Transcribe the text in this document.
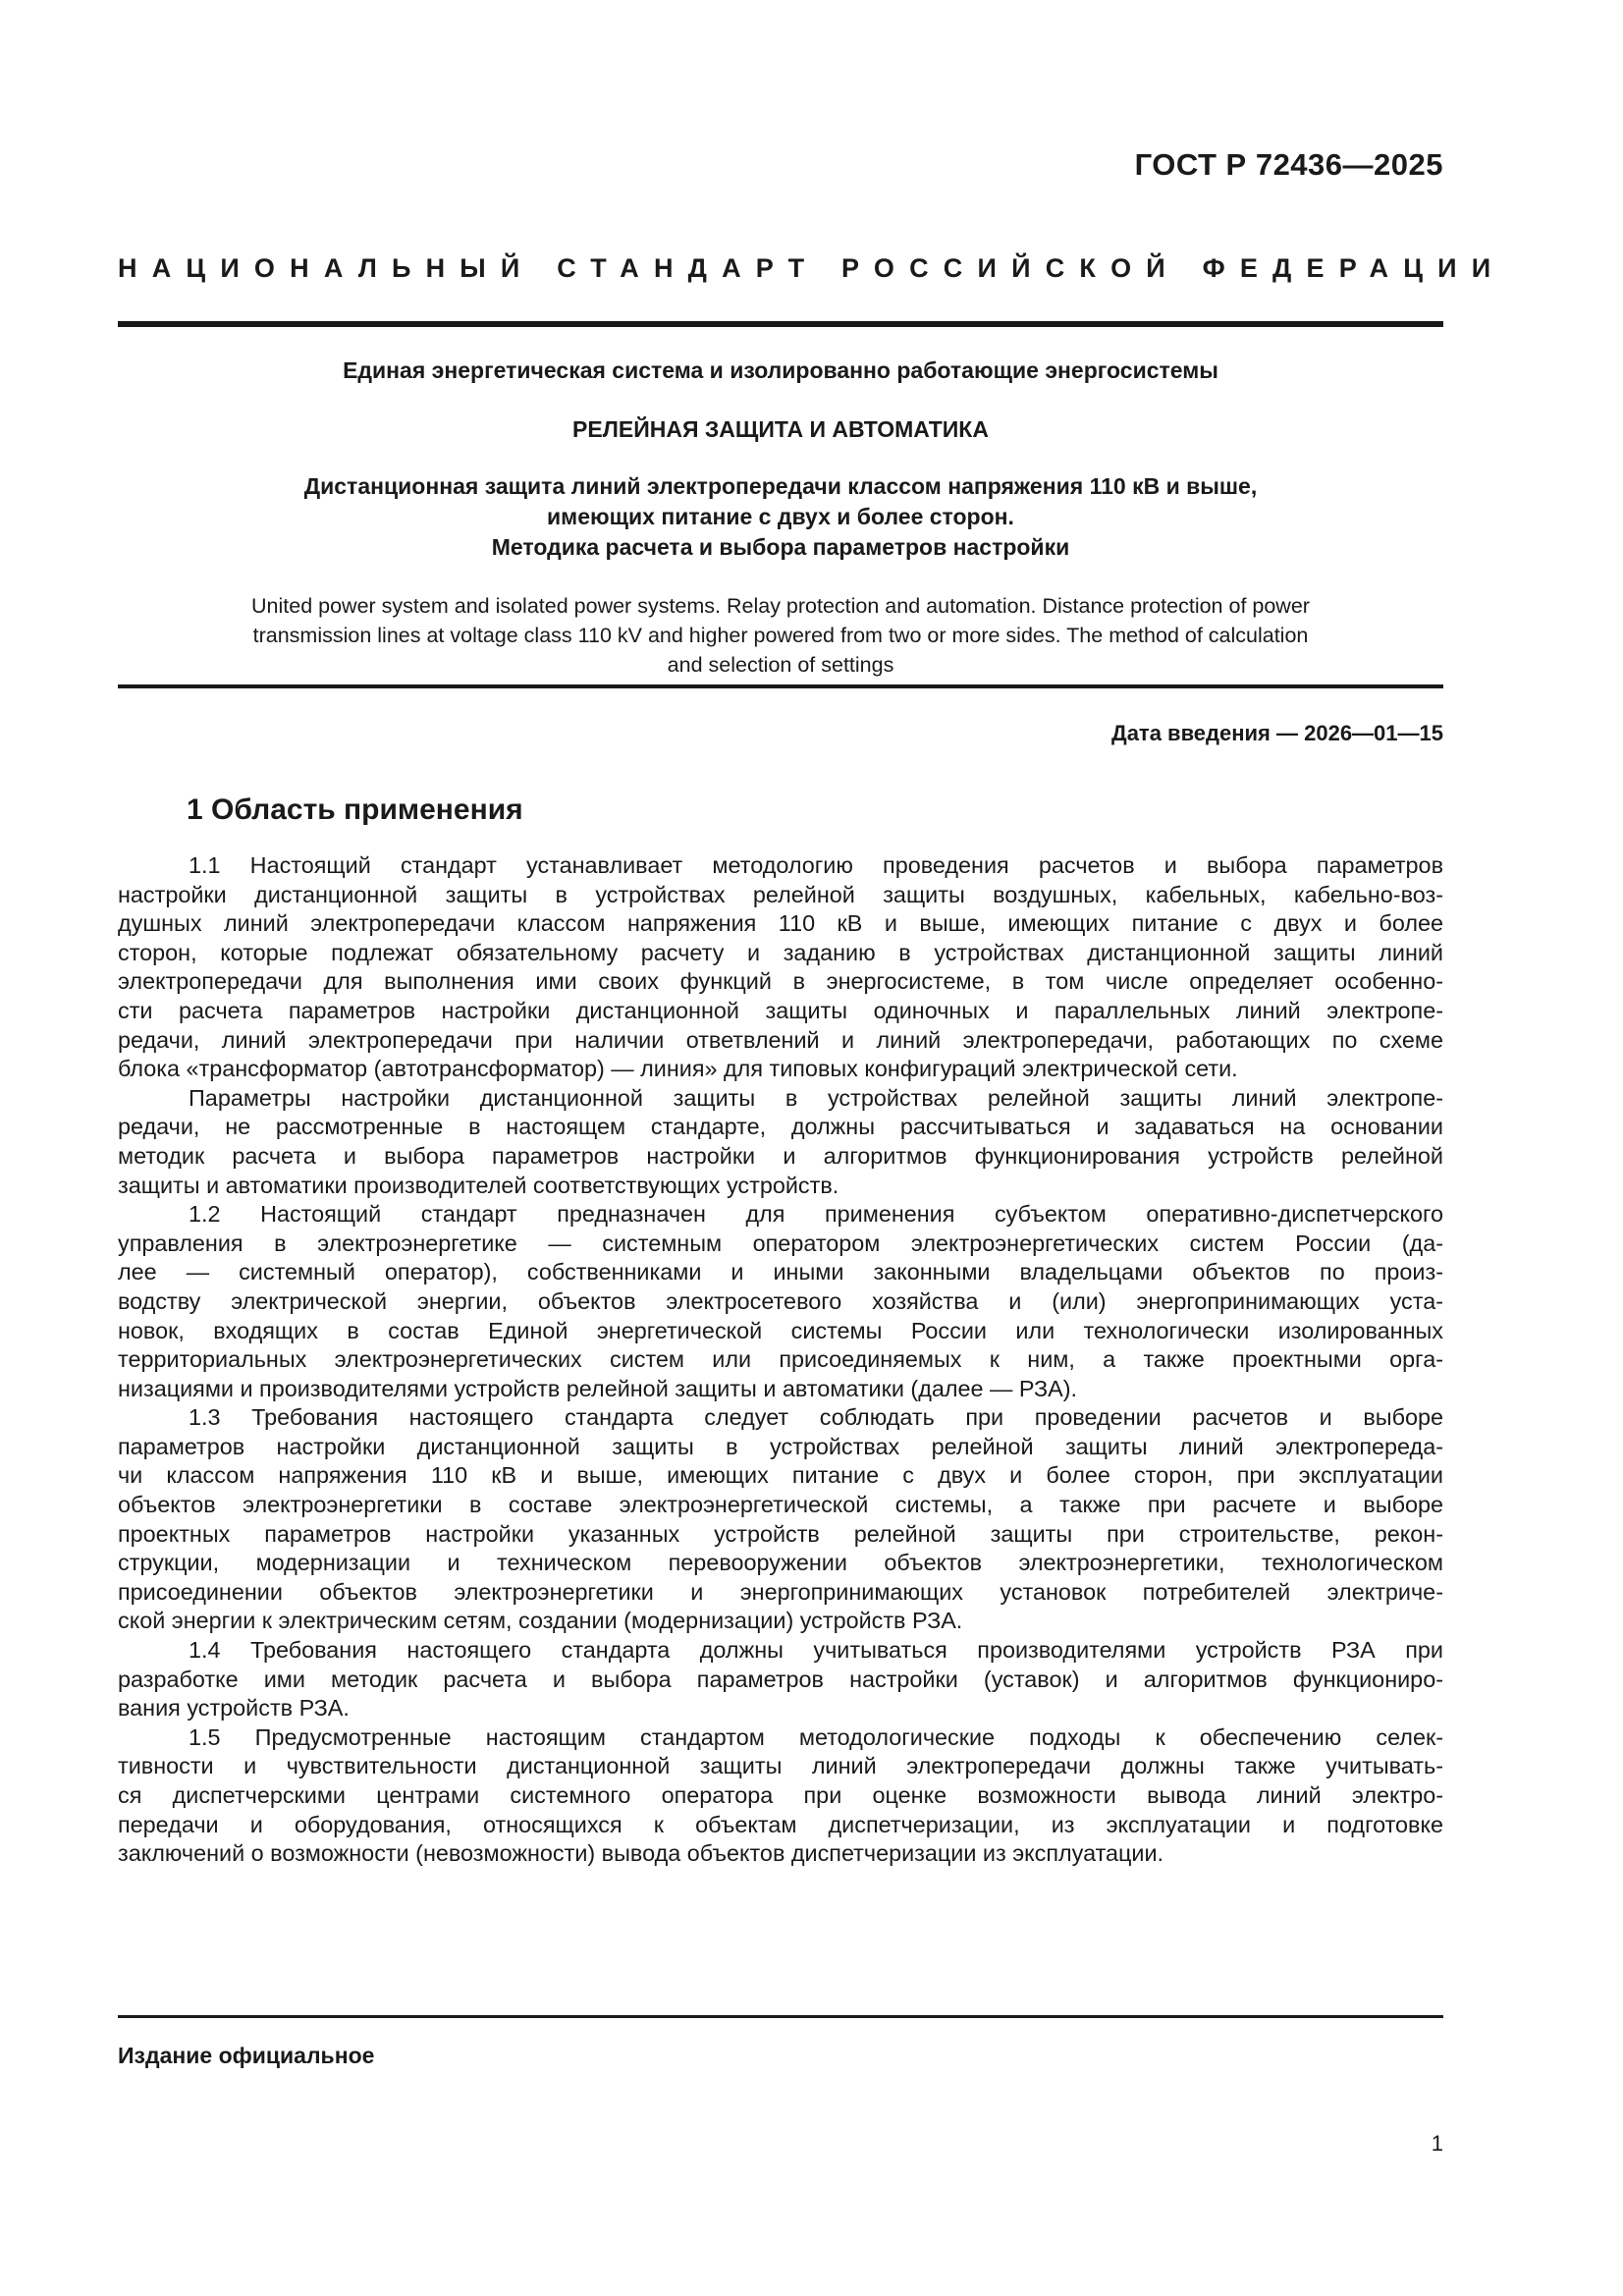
ГОСТ Р 72436—2025
НАЦИОНАЛЬНЫЙ СТАНДАРТ РОССИЙСКОЙ ФЕДЕРАЦИИ
Единая энергетическая система и изолированно работающие энергосистемы
РЕЛЕЙНАЯ ЗАЩИТА И АВТОМАТИКА
Дистанционная защита линий электропередачи классом напряжения 110 кВ и выше,
имеющих питание с двух и более сторон.
Методика расчета и выбора параметров настройки
United power system and isolated power systems. Relay protection and automation. Distance protection of power
transmission lines at voltage class 110 kV and higher powered from two or more sides. The method of calculation
and selection of settings
Дата введения — 2026—01—15
1 Область применения
1.1 Настоящий стандарт устанавливает методологию проведения расчетов и выбора параметров
настройки дистанционной защиты в устройствах релейной защиты воздушных, кабельных, кабельно-воз-
душных линий электропередачи классом напряжения 110 кВ и выше, имеющих питание с двух и более
сторон, которые подлежат обязательному расчету и заданию в устройствах дистанционной защиты линий
электропередачи для выполнения ими своих функций в энергосистеме, в том числе определяет особенно-
сти расчета параметров настройки дистанционной защиты одиночных и параллельных линий электропе-
редачи, линий электропередачи при наличии ответвлений и линий электропередачи, работающих по схеме
блока «трансформатор (автотрансформатор) — линия» для типовых конфигураций электрической сети.
Параметры настройки дистанционной защиты в устройствах релейной защиты линий электропе-
редачи, не рассмотренные в настоящем стандарте, должны рассчитываться и задаваться на основании
методик расчета и выбора параметров настройки и алгоритмов функционирования устройств релейной
защиты и автоматики производителей соответствующих устройств.
1.2 Настоящий стандарт предназначен для применения субъектом оперативно-диспетчерского
управления в электроэнергетике — системным оператором электроэнергетических систем России (да-
лее — системный оператор), собственниками и иными законными владельцами объектов по произ-
водству электрической энергии, объектов электросетевого хозяйства и (или) энергопринимающих уста-
новок, входящих в состав Единой энергетической системы России или технологически изолированных
территориальных электроэнергетических систем или присоединяемых к ним, а также проектными орга-
низациями и производителями устройств релейной защиты и автоматики (далее — РЗА).
1.3 Требования настоящего стандарта следует соблюдать при проведении расчетов и выборе
параметров настройки дистанционной защиты в устройствах релейной защиты линий электропереда-
чи классом напряжения 110 кВ и выше, имеющих питание с двух и более сторон, при эксплуатации
объектов электроэнергетики в составе электроэнергетической системы, а также при расчете и выборе
проектных параметров настройки указанных устройств релейной защиты при строительстве, рекон-
струкции, модернизации и техническом перевооружении объектов электроэнергетики, технологическом
присоединении объектов электроэнергетики и энергопринимающих установок потребителей электриче-
ской энергии к электрическим сетям, создании (модернизации) устройств РЗА.
1.4 Требования настоящего стандарта должны учитываться производителями устройств РЗА при
разработке ими методик расчета и выбора параметров настройки (уставок) и алгоритмов функциониро-
вания устройств РЗА.
1.5 Предусмотренные настоящим стандартом методологические подходы к обеспечению селек-
тивности и чувствительности дистанционной защиты линий электропередачи должны также учитывать-
ся диспетчерскими центрами системного оператора при оценке возможности вывода линий электро-
передачи и оборудования, относящихся к объектам диспетчеризации, из эксплуатации и подготовке
заключений о возможности (невозможности) вывода объектов диспетчеризации из эксплуатации.
Издание официальное
1
